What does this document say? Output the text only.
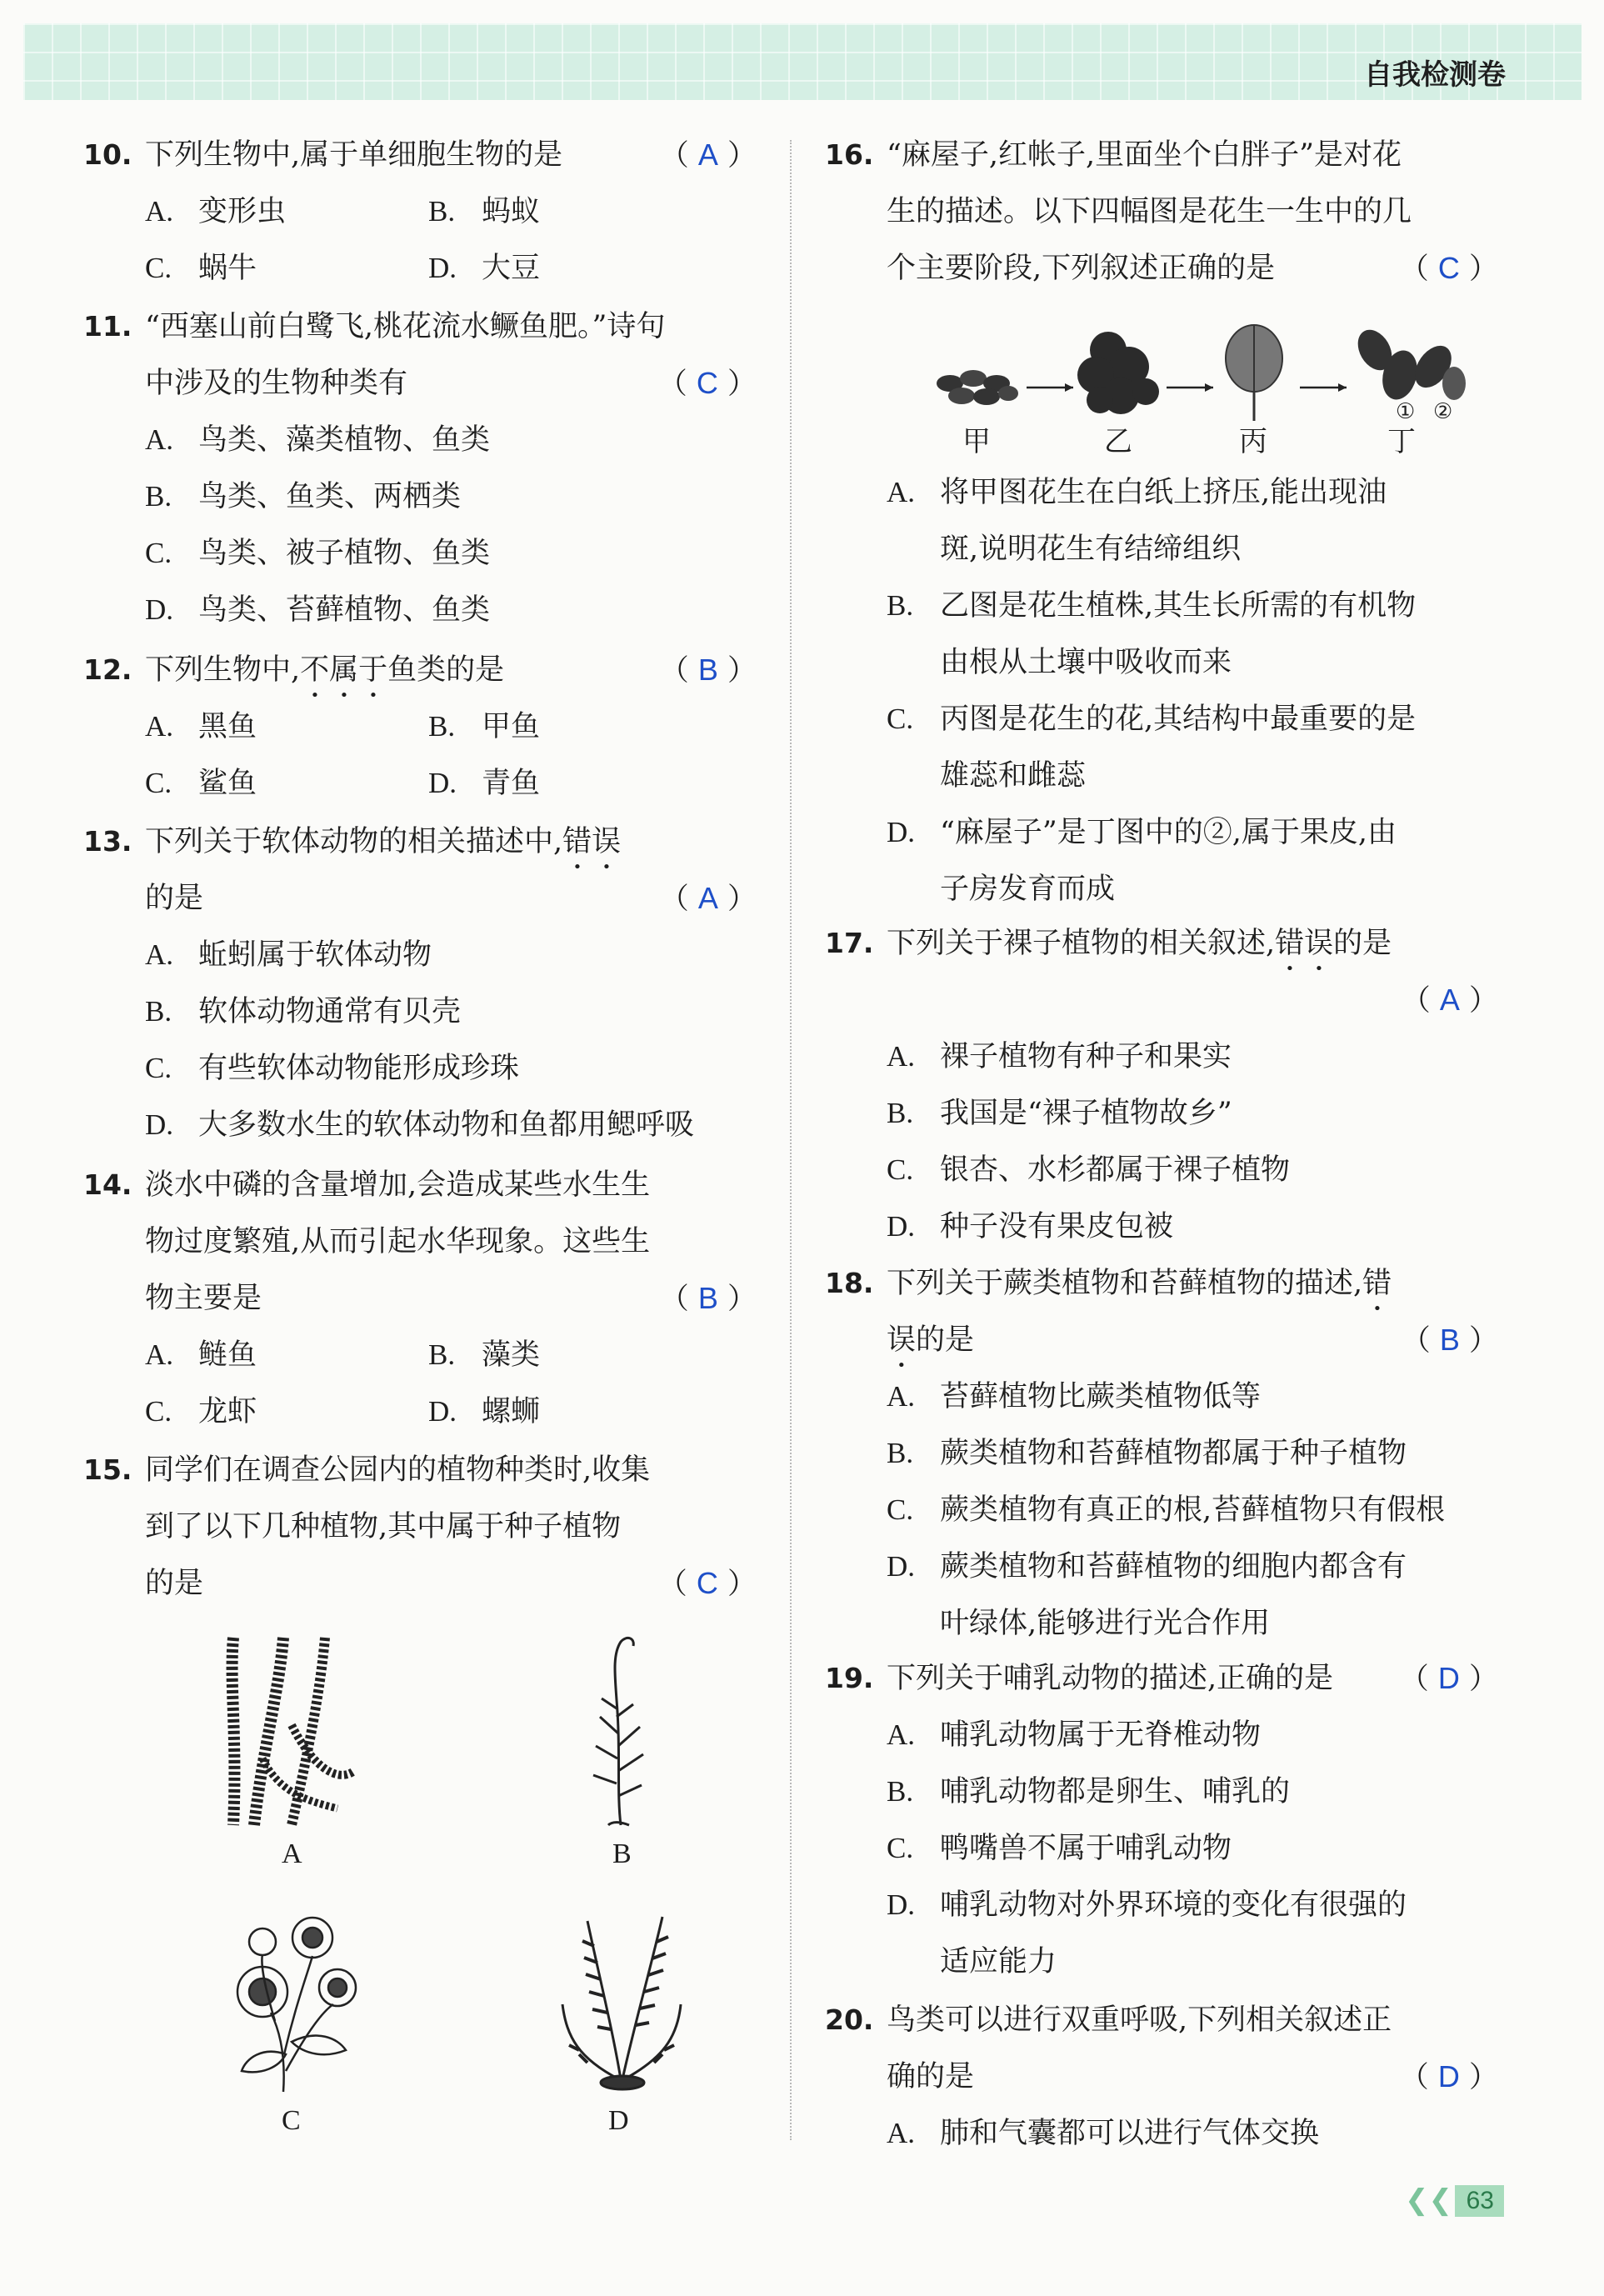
自我检测卷
10. 下列生物中,属于单细胞生物的是	（ A ）
A. 变形虫	B. 蚂蚁
C. 蜗牛	D. 大豆
11. “西塞山前白鹭飞,桃花流水鳜鱼肥。”诗句
中涉及的生物种类有	（ C ）
A. 鸟类、藻类植物、鱼类
B. 鸟类、鱼类、两栖类
C. 鸟类、被子植物、鱼类
D. 鸟类、苔藓植物、鱼类
12. 下列生物中,不属于鱼类的是	（ B ）
A. 黑鱼	B. 甲鱼
C. 鲨鱼	D. 青鱼
13. 下列关于软体动物的相关描述中,错误
的是	（ A ）
A. 蚯蚓属于软体动物
B. 软体动物通常有贝壳
C. 有些软体动物能形成珍珠
D. 大多数水生的软体动物和鱼都用鳃呼吸
14. 淡水中磷的含量增加,会造成某些水生生
物过度繁殖,从而引起水华现象。这些生
物主要是	（ B ）
A. 鲢鱼	B. 藻类
C. 龙虾	D. 螺蛳
15. 同学们在调查公园内的植物种类时,收集
到了以下几种植物,其中属于种子植物
的是	（ C ）
A	B
C	D
16. “麻屋子,红帐子,里面坐个白胖子”是对花
生的描述。以下四幅图是花生一生中的几
个主要阶段,下列叙述正确的是	（ C ）
① ②
甲	乙	丙	丁
A. 将甲图花生在白纸上挤压,能出现油
斑,说明花生有结缔组织
B. 乙图是花生植株,其生长所需的有机物
由根从土壤中吸收而来
C. 丙图是花生的花,其结构中最重要的是
雄蕊和雌蕊
D. “麻屋子”是丁图中的②,属于果皮,由
子房发育而成
17. 下列关于裸子植物的相关叙述,错误的是
（ A ）
A. 裸子植物有种子和果实
B. 我国是“裸子植物故乡”
C. 银杏、水杉都属于裸子植物
D. 种子没有果皮包被
18. 下列关于蕨类植物和苔藓植物的描述,错
误的是	（ B ）
A. 苔藓植物比蕨类植物低等
B. 蕨类植物和苔藓植物都属于种子植物
C. 蕨类植物有真正的根,苔藓植物只有假根
D. 蕨类植物和苔藓植物的细胞内都含有
叶绿体,能够进行光合作用
19. 下列关于哺乳动物的描述,正确的是 （ D ）
A. 哺乳动物属于无脊椎动物
B. 哺乳动物都是卵生、哺乳的
C. 鸭嘴兽不属于哺乳动物
D. 哺乳动物对外界环境的变化有很强的
适应能力
20. 鸟类可以进行双重呼吸,下列相关叙述正
确的是	（ D ）
A. 肺和气囊都可以进行气体交换
❮❮ 63
